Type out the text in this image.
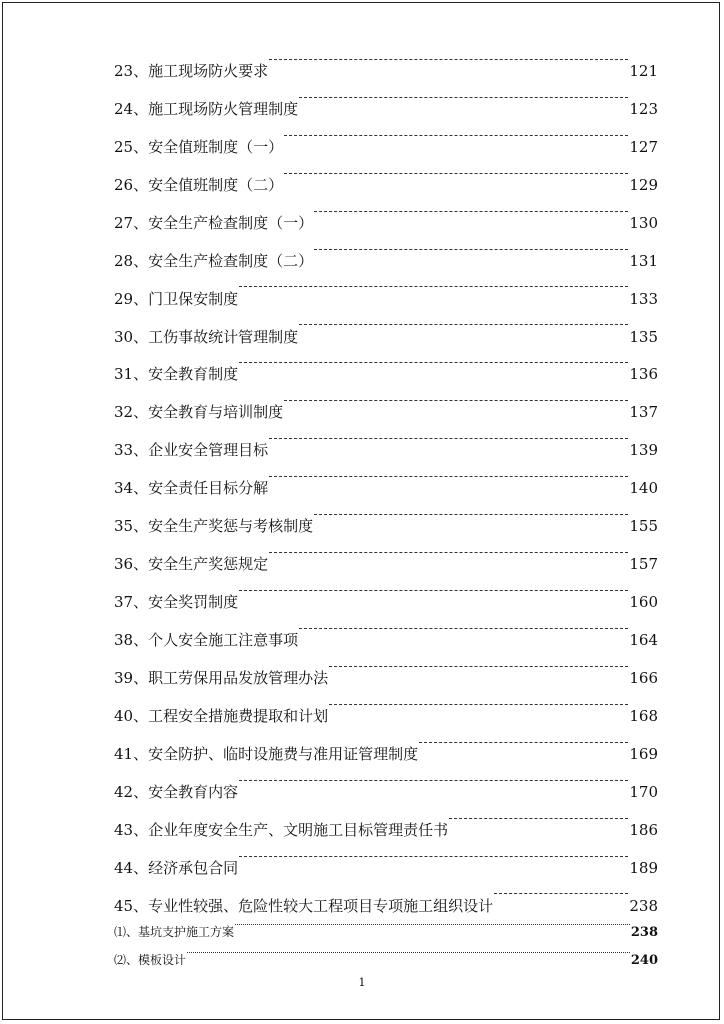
23、 施工现场防火要求	121
24、 施工现场防火管理制度	123
25、 安全值班制度（一）	127
26、 安全值班制度（二）	129
27、 安全生产检查制度（一）	130
28、 安全生产检查制度（二）	131
29、 门卫保安制度	133
30、 工伤事故统计管理制度	135
31、 安全教育制度	136
32、 安全教育与培训制度	137
33、 企业安全管理目标	139
34、 安全责任目标分解	140
35、 安全生产奖惩与考核制度	155
36、 安全生产奖惩规定	157
37、 安全奖罚制度	160
38、 个人安全施工注意事项	164
39、 职工劳保用品发放管理办法	166
40、 工程安全措施费提取和计划	168
41、 安全防护、临时设施费与准用证管理制度	169
42、 安全教育内容	170
43、 企业年度安全生产、文明施工目标管理责任书	186
44、 经济承包合同	189
45、 专业性较强、危险性较大工程项目专项施工组织设计	238
⑴、 基坑支护施工方案	238
⑵、 模板设计	240
1
